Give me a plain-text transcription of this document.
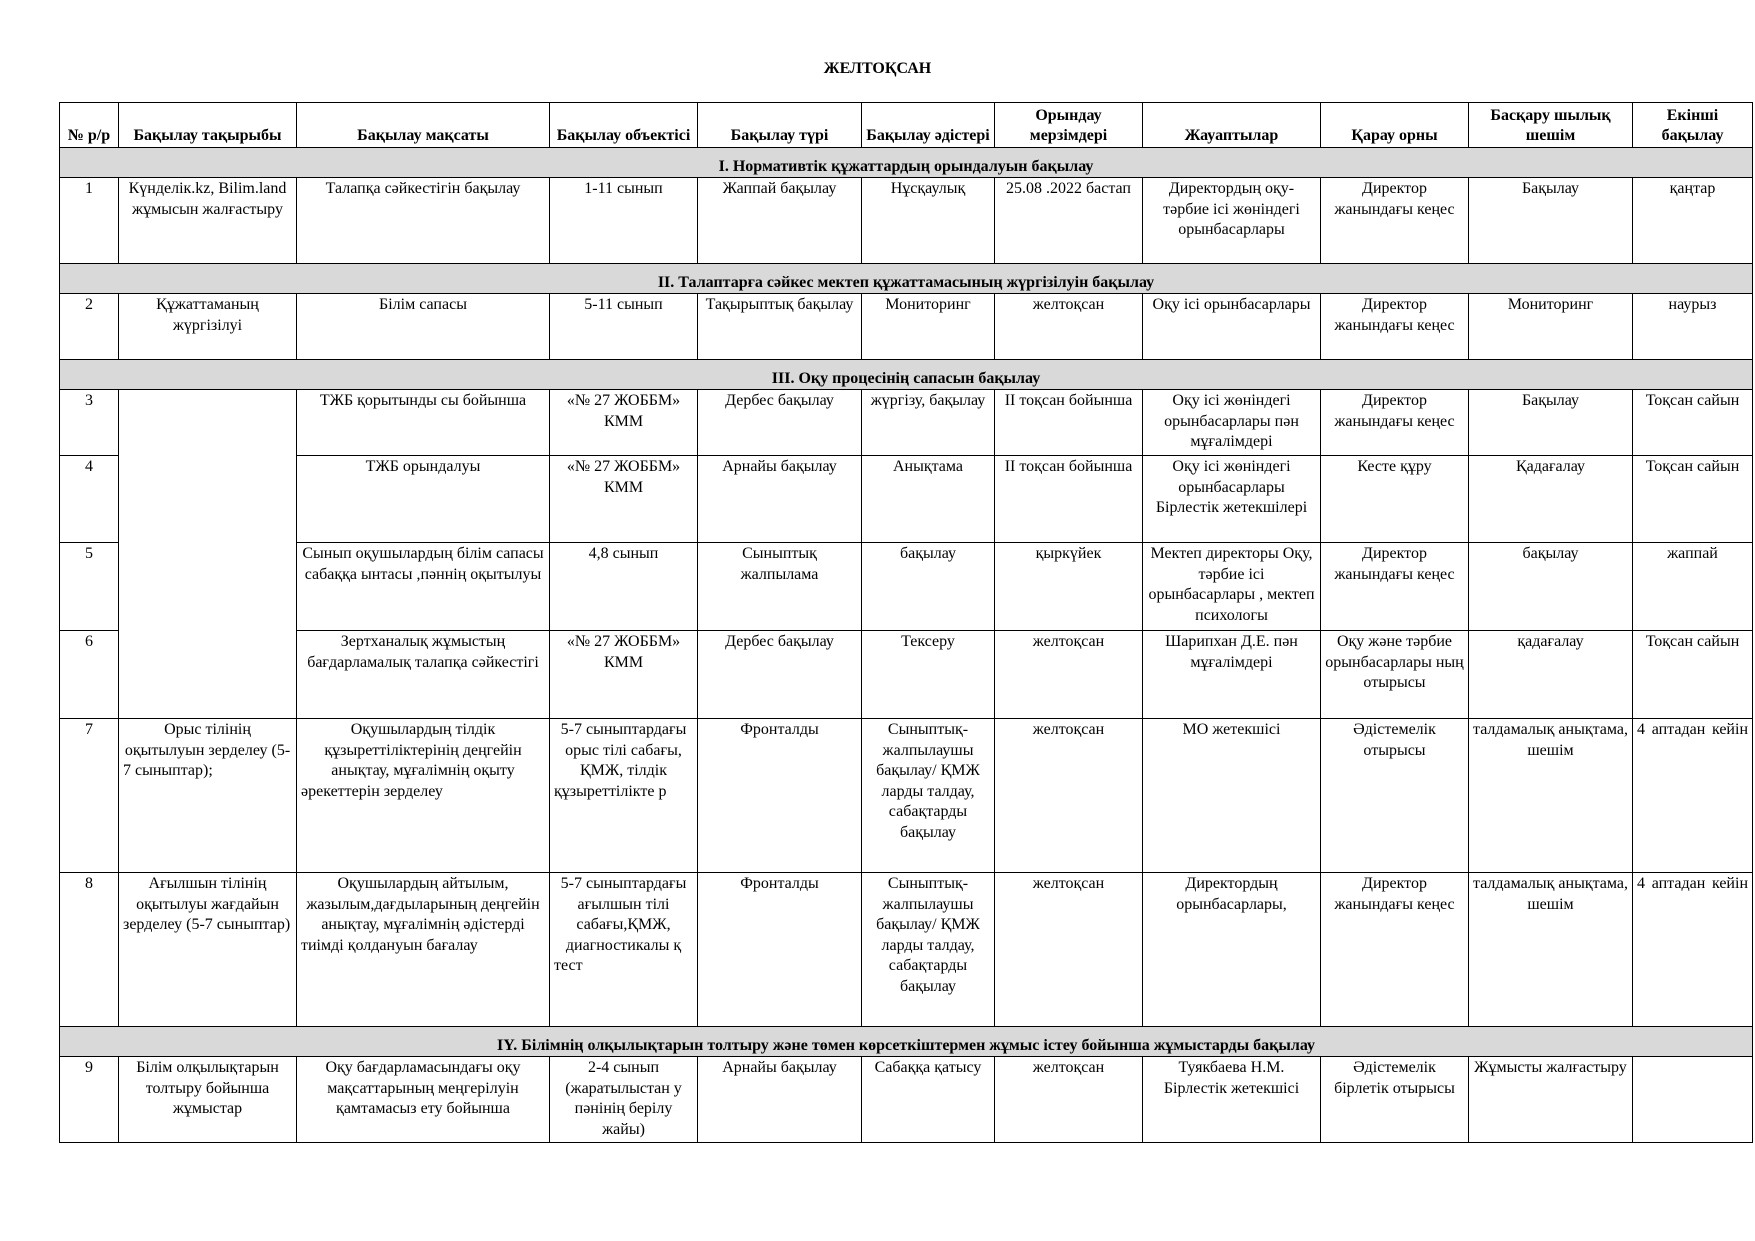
ЖЕЛТОҚСАН
№ р/р	Бақылау тақырыбы	Бақылау мақсаты	Бақылау объектісі	Бақылау түрі	Бақылау әдістері	Орындау мерзімдері	Жауаптылар	Қарау орны	Басқару шылық шешім	Екінші бақылау
I. Нормативтік құжаттардың орындалуын бақылау										
1	Күнделік.kz, Bilim.land жұмысын жалғастыру	Талапқа сәйкестігін бақылау	1-11 сынып	Жаппай бақылау	Нұсқаулық	25.08 .2022 бастап	Директордың оқу-тәрбие ісі жөніндегі орынбасарлары	Директор жанындағы кеңес	Бақылау	қаңтар
II. Талаптарға сәйкес мектеп құжаттамасының жүргізілуін бақылау										
2	Құжаттаманың жүргізілуі	Білім сапасы	5-11 сынып	Тақырыптық бақылау	Мониторинг	желтоқсан	Оқу ісі орынбасарлары	Директор жанындағы кеңес	Мониторинг	наурыз
III. Оқу процесінің сапасын бақылау										
3		ТЖБ қорытынды сы бойынша	«№ 27 ЖОББМ» КММ	Дербес бақылау	жүргізу, бақылау	II тоқсан бойынша	Оқу ісі жөніндегі орынбасарлары пән мұғалімдері	Директор жанындағы кеңес	Бақылау	Тоқсан сайын
4		ТЖБ орындалуы	«№ 27 ЖОББМ» КММ	Арнайы бақылау	Анықтама	II тоқсан бойынша	Оқу ісі жөніндегі орынбасарлары Бірлестік жетекшілері	Кесте құру	Қадағалау	Тоқсан сайын
5		Сынып оқушылардың білім сапасы сабаққа ынтасы ,пәннің оқытылуы	4,8 сынып	Сыныптық жалпылама	бақылау	қыркүйек	Мектеп директоры Оқу, тәрбие ісі орынбасарлары , мектеп психологы	Директор жанындағы кеңес	бақылау	жаппай
6		Зертханалық жұмыстың бағдарламалық талапқа сәйкестігі	«№ 27 ЖОББМ» КММ	Дербес бақылау	Тексеру	желтоқсан	Шарипхан Д.Е. пән мұғалімдері	Оқу және тәрбие орынбасарлары ның отырысы	қадағалау	Тоқсан сайын
7	Орыс тілінің оқытылуын зерделеу (5-7 сыныптар);	Оқушылардың тілдік құзыреттіліктерінің деңгейін анықтау, мұғалімнің оқыту әрекеттерін зерделеу	5-7 сыныптардағы орыс тілі сабағы, ҚМЖ, тілдік құзыреттілікте р	Фронталды	Сыныптық-жалпылаушы бақылау/ ҚМЖ ларды талдау, сабақтарды бақылау	желтоқсан	МО жетекшісі	Әдістемелік отырысы	талдамалық анықтама, шешім	4 аптадан кейін
8	Ағылшын тілінің оқытылуы жағдайын зерделеу (5-7 сыныптар)	Оқушылардың айтылым, жазылым,дағдыларының деңгейін анықтау, мұғалімнің әдістерді тиімді қолдануын бағалау	5-7 сыныптардағы ағылшын тілі сабағы,ҚМЖ, диагностикалы қ тест	Фронталды	Сыныптық-жалпылаушы бақылау/ ҚМЖ ларды талдау, сабақтарды бақылау	желтоқсан	Директордың орынбасарлары,	Директор жанындағы кеңес	талдамалық анықтама, шешім	4 аптадан кейін
IY. Білімнің олқылықтарын толтыру және төмен көрсеткіштермен жұмыс істеу бойынша жұмыстарды бақылау										
9	Білім олқылықтарын толтыру бойынша жұмыстар	Оқу бағдарламасындағы оқу мақсаттарының меңгерілуін қамтамасыз ету бойынша	2-4 сынып (жаратылыстан у пәнінің берілу жайы)	Арнайы бақылау	Сабаққа қатысу	желтоқсан	Туякбаева Н.М. Бірлестік жетекшісі	Әдістемелік бірлетік отырысы	Жұмысты жалғастыру	
